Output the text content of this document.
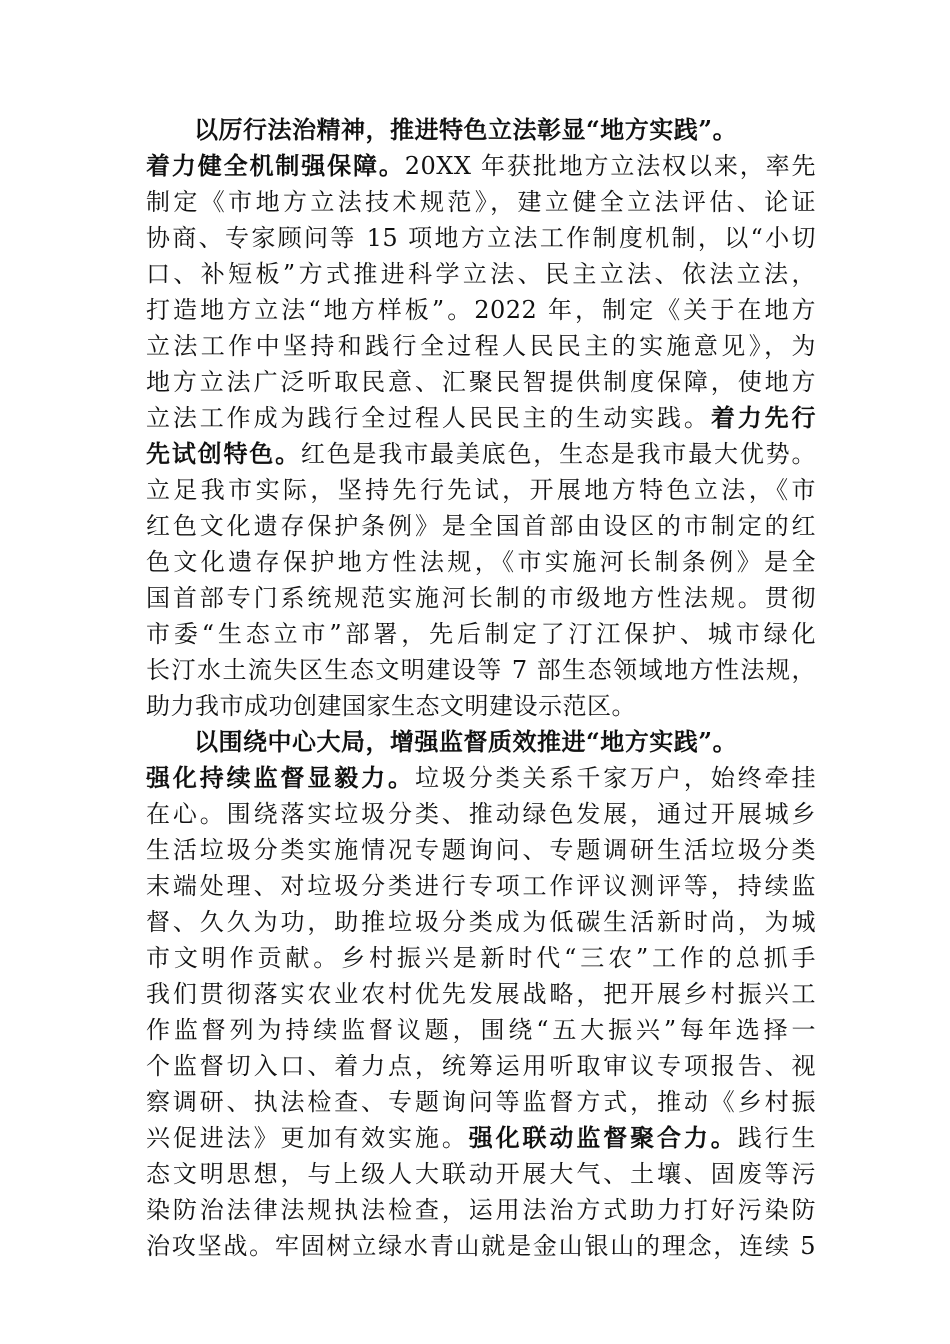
以厉行法治精神，推进特色立法彰显“地方实践”。
着力健全机制强保障。20XX 年获批地方立法权以来，率先
制定《市地方立法技术规范》，建立健全立法评估、论证
协商、专家顾问等 15 项地方立法工作制度机制，以“小切
口、补短板”方式推进科学立法、民主立法、依法立法，
打造地方立法“地方样板”。2022 年，制定《关于在地方
立法工作中坚持和践行全过程人民民主的实施意见》，为
地方立法广泛听取民意、汇聚民智提供制度保障，使地方
立法工作成为践行全过程人民民主的生动实践。着力先行
先试创特色。红色是我市最美底色，生态是我市最大优势。
立足我市实际，坚持先行先试，开展地方特色立法，《市
红色文化遗存保护条例》是全国首部由设区的市制定的红
色文化遗存保护地方性法规，《市实施河长制条例》是全
国首部专门系统规范实施河长制的市级地方性法规。贯彻
市委“生态立市”部署，先后制定了汀江保护、城市绿化
长汀水土流失区生态文明建设等 7 部生态领域地方性法规，
助力我市成功创建国家生态文明建设示范区。
以围绕中心大局，增强监督质效推进“地方实践”。
强化持续监督显毅力。垃圾分类关系千家万户，始终牵挂
在心。围绕落实垃圾分类、推动绿色发展，通过开展城乡
生活垃圾分类实施情况专题询问、专题调研生活垃圾分类
末端处理、对垃圾分类进行专项工作评议测评等，持续监
督、久久为功，助推垃圾分类成为低碳生活新时尚，为城
市文明作贡献。乡村振兴是新时代“三农”工作的总抓手
我们贯彻落实农业农村优先发展战略，把开展乡村振兴工
作监督列为持续监督议题，围绕“五大振兴”每年选择一
个监督切入口、着力点，统筹运用听取审议专项报告、视
察调研、执法检查、专题询问等监督方式，推动《乡村振
兴促进法》更加有效实施。强化联动监督聚合力。践行生
态文明思想，与上级人大联动开展大气、土壤、固废等污
染防治法律法规执法检查，运用法治方式助力打好污染防
治攻坚战。牢固树立绿水青山就是金山银山的理念，连续 5
